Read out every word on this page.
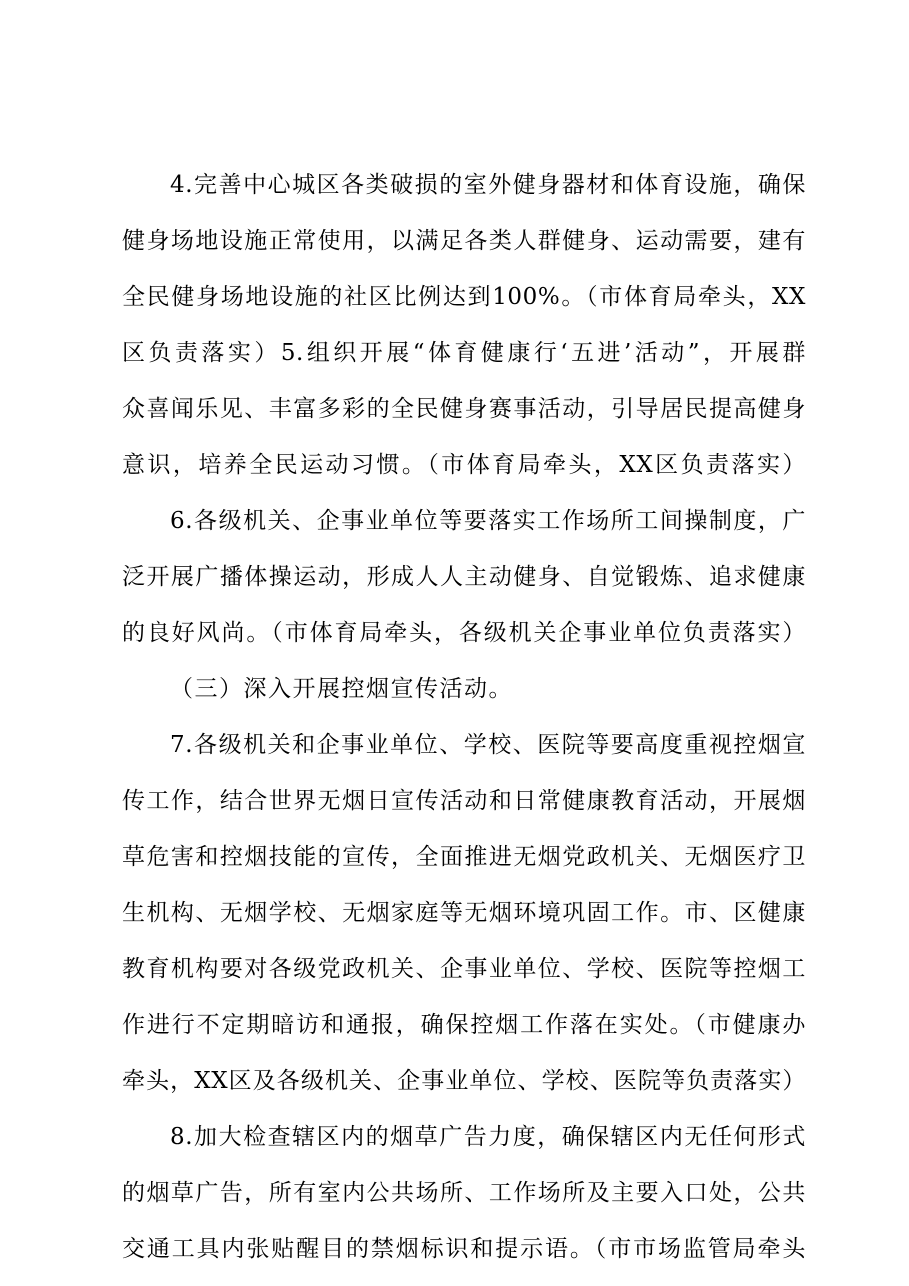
4.完善中心城区各类破损的室外健身器材和体育设施，确保
健身场地设施正常使用，以满足各类人群健身、运动需要，建有
全民健身场地设施的社区比例达到100%。（市体育局牵头，XX
区负责落实）5.组织开展“体育健康行‘五进’活动”，开展群
众喜闻乐见、丰富多彩的全民健身赛事活动，引导居民提高健身
意识，培养全民运动习惯。（市体育局牵头，XX区负责落实）
6.各级机关、企事业单位等要落实工作场所工间操制度，广
泛开展广播体操运动，形成人人主动健身、自觉锻炼、追求健康
的良好风尚。（市体育局牵头，各级机关企事业单位负责落实）
（三）深入开展控烟宣传活动。
7.各级机关和企事业单位、学校、医院等要高度重视控烟宣
传工作，结合世界无烟日宣传活动和日常健康教育活动，开展烟
草危害和控烟技能的宣传，全面推进无烟党政机关、无烟医疗卫
生机构、无烟学校、无烟家庭等无烟环境巩固工作。市、区健康
教育机构要对各级党政机关、企事业单位、学校、医院等控烟工
作进行不定期暗访和通报，确保控烟工作落在实处。（市健康办
牵头，XX区及各级机关、企事业单位、学校、医院等负责落实）
8.加大检查辖区内的烟草广告力度，确保辖区内无任何形式
的烟草广告，所有室内公共场所、工作场所及主要入口处，公共
交通工具内张贴醒目的禁烟标识和提示语。（市市场监管局牵头
